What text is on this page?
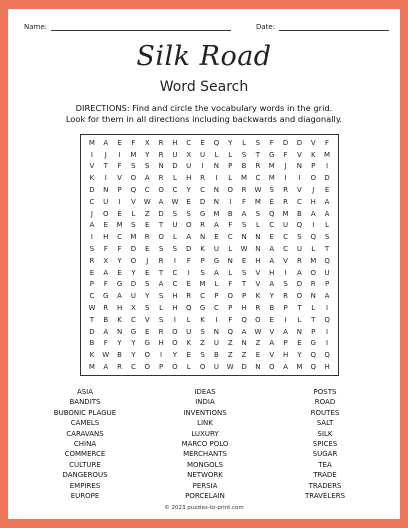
Name:	Date:
Silk Road
Word Search
DIRECTIONS: Find and circle the vocabulary words in the grid.
Look for them in all directions including backwards and diagonally.
M	A	E	F	X	R	H	C	E	Q	Y	L	S	F	D	D	V	F
I	J	I	M	Y	R	U	X	U	L	L	S	T	G	F	V	K	M
V	T	F	S	S	N	D	U	I	N	P	B	R	M	J	N	P	I
K	I	V	O	A	R	L	H	R	I	L	M	C	M	I	I	O	D
D	N	P	Q	C	O	C	Y	C	N	O	R	W	S	R	V	J	E
C	U	I	V	W	A	W	E	D	N	I	F	M	E	R	C	H	A
J	O	E	L	Z	D	S	S	G	M	B	A	S	Q	M	B	A	A
A	E	M	S	E	T	U	O	R	A	F	S	L	C	U	Q	I	L
I	H	C	M	R	O	L	A	N	E	C	N	N	E	C	S	Q	S
S	F	F	D	E	S	S	D	K	U	L	W	N	A	C	U	L	T
R	X	Y	O	J	R	I	F	P	G	N	E	H	A	V	R	M	Q
E	A	E	Y	E	T	C	I	S	A	L	S	V	H	I	A	O	U
P	F	G	D	S	A	C	E	M	L	F	T	V	A	S	D	R	P
C	G	A	U	Y	S	H	R	C	P	O	P	K	Y	R	O	N	A
W	R	H	X	S	L	H	Q	G	C	P	H	R	B	P	T	L	I
T	B	K	C	V	S	I	L	K	I	F	Q	O	E	I	L	T	Q
D	A	N	G	E	R	O	U	S	N	Q	A	W	V	A	N	P	I
B	F	Y	Y	G	H	O	K	Z	U	Z	N	Z	A	P	E	G	I
K	W	B	Y	O	I	Y	E	S	B	Z	Z	E	V	H	Y	Q	Q
M	A	R	C	O	P	O	L	O	U	W	D	N	O	A	M	Q	H
ASIA
BANDITS
BUBONIC PLAGUE
CAMELS
CARAVANS
CHINA
COMMERCE
CULTURE
DANGEROUS
EMPIRES
EUROPE
IDEAS
INDIA
INVENTIONS
LINK
LUXURY
MARCO POLO
MERCHANTS
MONGOLS
NETWORK
PERSIA
PORCELAIN
POSTS
ROAD
ROUTES
SALT
SILK
SPICES
SUGAR
TEA
TRADE
TRADERS
TRAVELERS
© 2023 puzzles-to-print.com
